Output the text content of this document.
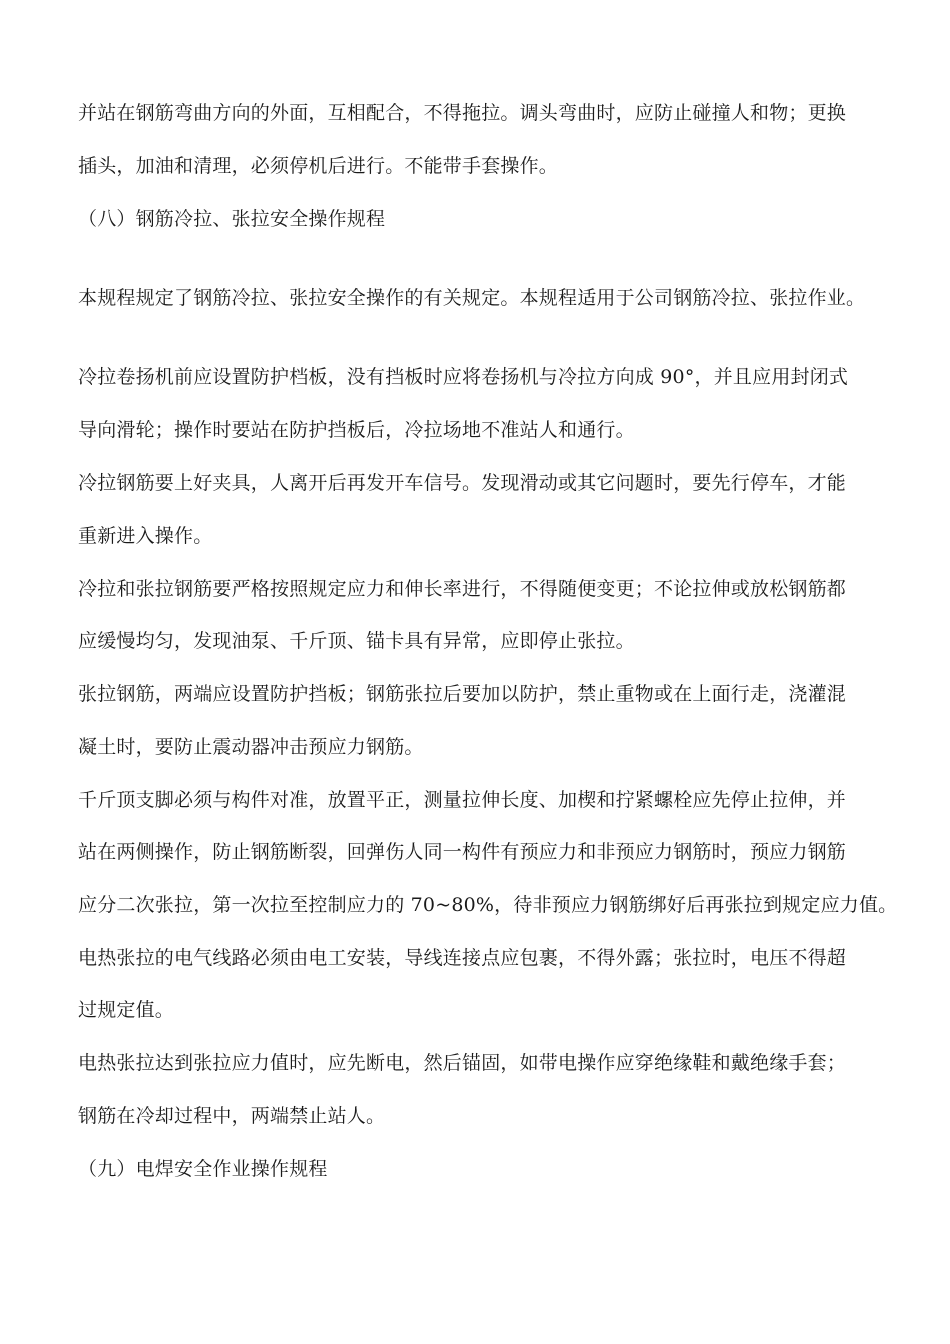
并站在钢筋弯曲方向的外面，互相配合，不得拖拉。调头弯曲时，应防止碰撞人和物；更换
插头，加油和清理，必须停机后进行。不能带手套操作。
（八）钢筋冷拉、张拉安全操作规程
本规程规定了钢筋冷拉、张拉安全操作的有关规定。本规程适用于公司钢筋冷拉、张拉作业。
冷拉卷扬机前应设置防护档板，没有挡板时应将卷扬机与冷拉方向成 90°，并且应用封闭式
导向滑轮；操作时要站在防护挡板后，冷拉场地不准站人和通行。
冷拉钢筋要上好夹具，人离开后再发开车信号。发现滑动或其它问题时，要先行停车，才能
重新进入操作。
冷拉和张拉钢筋要严格按照规定应力和伸长率进行，不得随便变更；不论拉伸或放松钢筋都
应缓慢均匀，发现油泵、千斤顶、锚卡具有异常，应即停止张拉。
张拉钢筋，两端应设置防护挡板；钢筋张拉后要加以防护，禁止重物或在上面行走，浇灌混
凝土时，要防止震动器冲击预应力钢筋。
千斤顶支脚必须与构件对准，放置平正，测量拉伸长度、加楔和拧紧螺栓应先停止拉伸，并
站在两侧操作，防止钢筋断裂，回弹伤人同一构件有预应力和非预应力钢筋时，预应力钢筋
应分二次张拉，第一次拉至控制应力的 70~80%，待非预应力钢筋绑好后再张拉到规定应力值。
电热张拉的电气线路必须由电工安装，导线连接点应包裹，不得外露；张拉时，电压不得超
过规定值。
电热张拉达到张拉应力值时，应先断电，然后锚固，如带电操作应穿绝缘鞋和戴绝缘手套；
钢筋在冷却过程中，两端禁止站人。
（九）电焊安全作业操作规程
